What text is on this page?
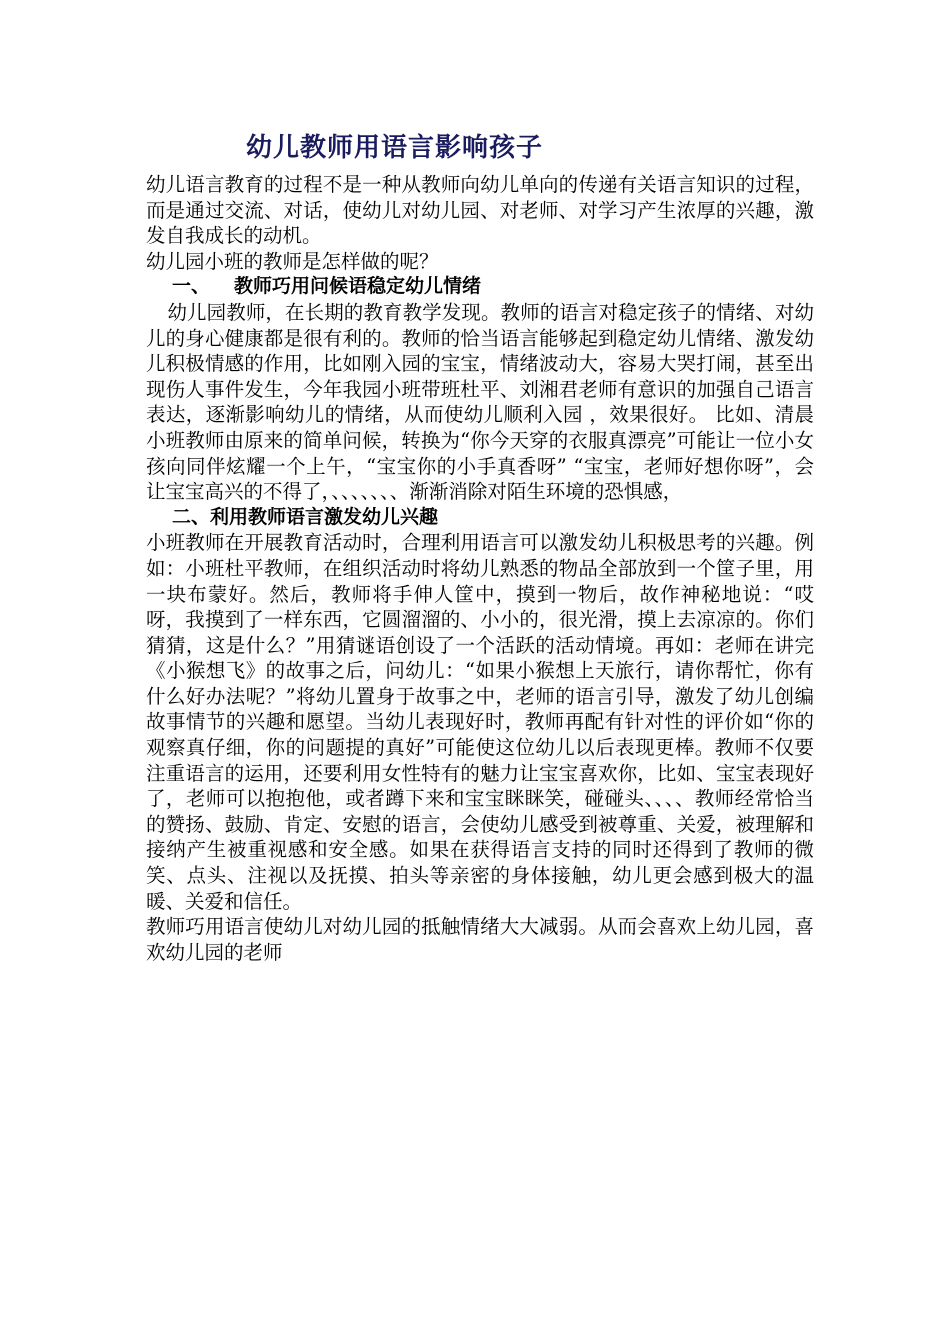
幼儿教师用语言影响孩子

幼儿语言教育的过程不是一种从教师向幼儿单向的传递有关语言知识的过程，而是通过交流、对话，使幼儿对幼儿园、对老师、对学习产生浓厚的兴趣，激发自我成长的动机。

幼儿园小班的教师是怎样做的呢？

一、 教师巧用问候语稳定幼儿情绪

幼儿园教师，在长期的教育教学发现。教师的语言对稳定孩子的情绪、对幼儿的身心健康都是很有利的。教师的恰当语言能够起到稳定幼儿情绪、激发幼儿积极情感的作用，比如刚入园的宝宝，情绪波动大，容易大哭打闹，甚至出现伤人事件发生，今年我园小班带班杜平、刘湘君老师有意识的加强自己语言表达，逐渐影响幼儿的情绪，从而使幼儿顺利入园 ，效果很好。 比如、清晨小班教师由原来的简单问候，转换为“你今天穿的衣服真漂亮”可能让一位小女孩向同伴炫耀一个上午，“宝宝你的小手真香呀” “宝宝，老师好想你呀”，会让宝宝高兴的不得了，、、、、、、、渐渐消除对陌生环境的恐惧感，

二、利用教师语言激发幼儿兴趣

小班教师在开展教育活动时，合理利用语言可以激发幼儿积极思考的兴趣。例如：小班杜平教师，在组织活动时将幼儿熟悉的物品全部放到一个筐子里，用一块布蒙好。然后，教师将手伸人筐中，摸到一物后，故作神秘地说：“哎呀，我摸到了一样东西，它圆溜溜的、小小的，很光滑，摸上去凉凉的。你们猜猜，这是什么？”用猜谜语创设了一个活跃的活动情境。再如：老师在讲完《小猴想飞》的故事之后，问幼儿：“如果小猴想上天旅行，请你帮忙，你有什么好办法呢？”将幼儿置身于故事之中，老师的语言引导，激发了幼儿创编故事情节的兴趣和愿望。当幼儿表现好时，教师再配有针对性的评价如“你的观察真仔细，你的问题提的真好”可能使这位幼儿以后表现更棒。教师不仅要注重语言的运用，还要利用女性特有的魅力让宝宝喜欢你，比如、宝宝表现好了，老师可以抱抱他，或者蹲下来和宝宝眯眯笑，碰碰头、、、、教师经常恰当的赞扬、鼓励、肯定、安慰的语言，会使幼儿感受到被尊重、关爱，被理解和接纳产生被重视感和安全感。如果在获得语言支持的同时还得到了教师的微笑、点头、注视以及抚摸、拍头等亲密的身体接触，幼儿更会感到极大的温暖、关爱和信任。

教师巧用语言使幼儿对幼儿园的抵触情绪大大减弱。从而会喜欢上幼儿园，喜欢幼儿园的老师
